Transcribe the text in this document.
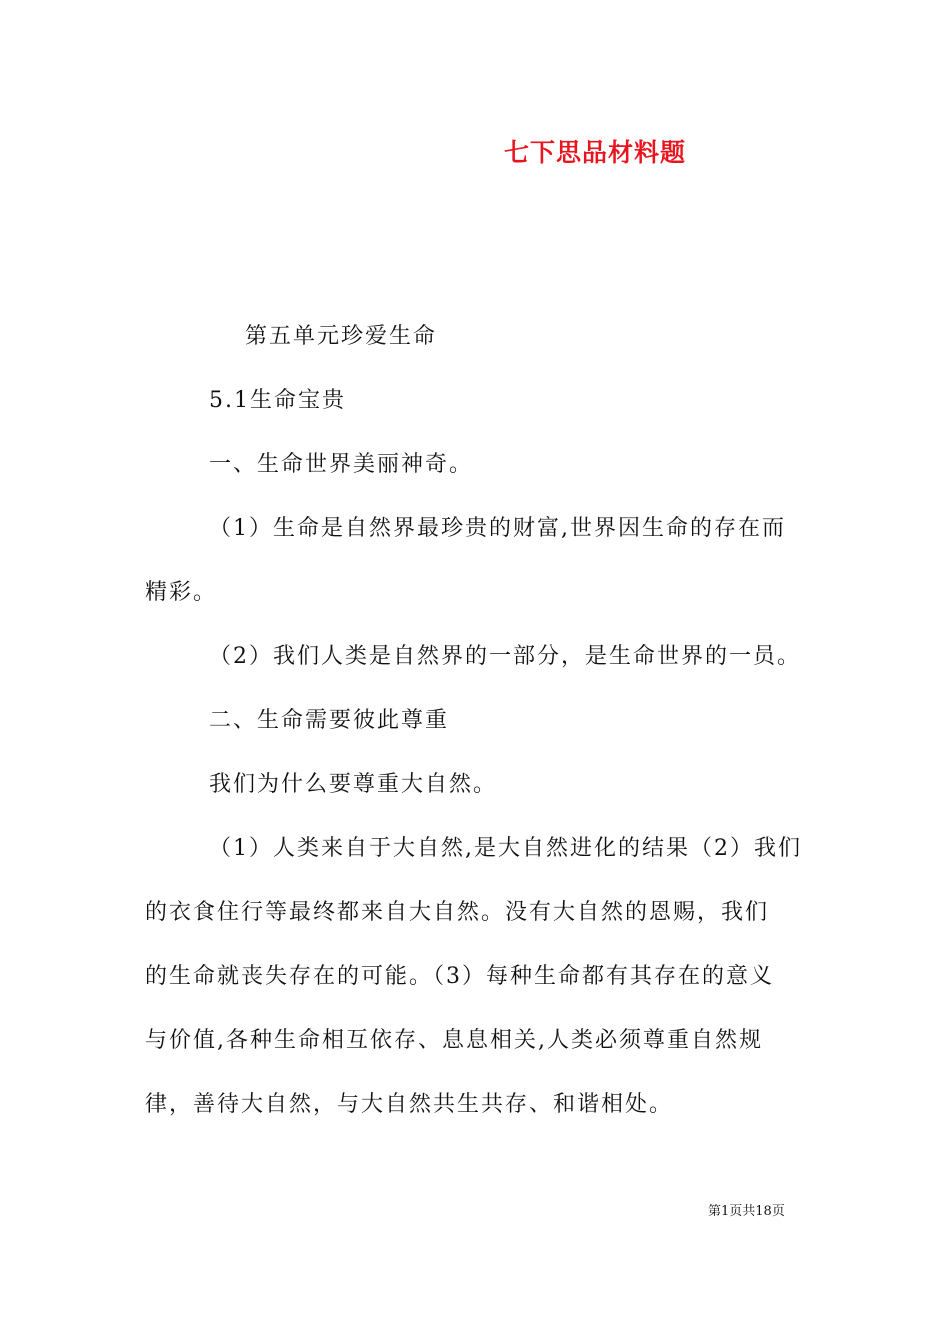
七下思品材料题

第五单元珍爱生命

5.1生命宝贵

一、生命世界美丽神奇。

（1）生命是自然界最珍贵的财富,世界因生命的存在而

精彩。

（2）我们人类是自然界的一部分，是生命世界的一员。

二、生命需要彼此尊重

我们为什么要尊重大自然。

（1）人类来自于大自然,是大自然进化的结果（2）我们

的衣食住行等最终都来自大自然。没有大自然的恩赐，我们

的生命就丧失存在的可能。（3）每种生命都有其存在的意义

与价值,各种生命相互依存、息息相关,人类必须尊重自然规

律，善待大自然，与大自然共生共存、和谐相处。

第1页共18页
